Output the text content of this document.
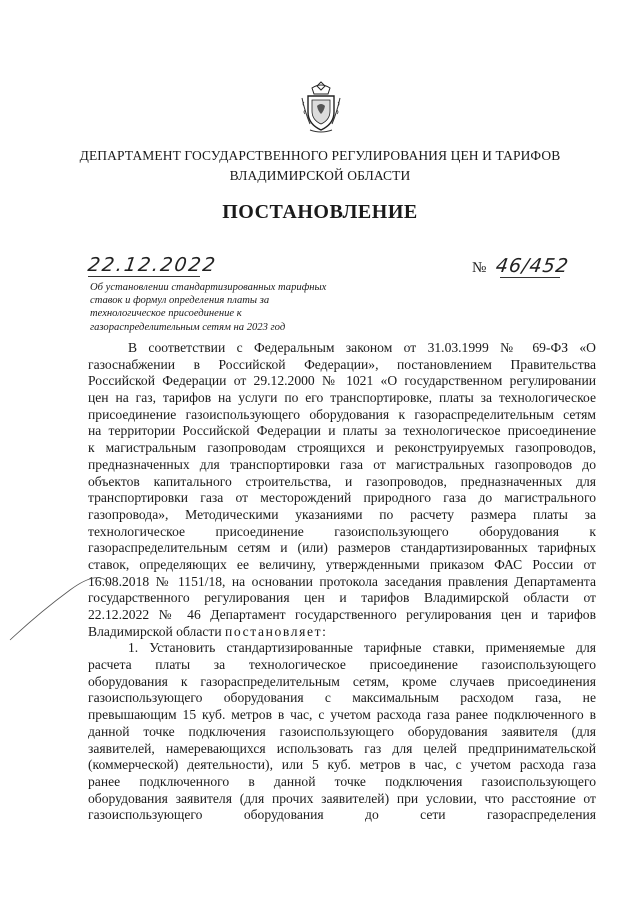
ДЕПАРТАМЕНТ ГОСУДАРСТВЕННОГО РЕГУЛИРОВАНИЯ ЦЕН И ТАРИФОВ
ВЛАДИМИРСКОЙ ОБЛАСТИ
ПОСТАНОВЛЕНИЕ
22.12.2022	№ 46/452
Об установлении стандартизированных тарифных
ставок и формул определения платы за
технологическое присоединение к
газораспределительным сетям на 2023 год
В соответствии с Федеральным законом от 31.03.1999 № 69-ФЗ «О
газоснабжении в Российской Федерации», постановлением Правительства
Российской Федерации от 29.12.2000 № 1021 «О государственном регулировании
цен на газ, тарифов на услуги по его транспортировке, платы за технологическое
присоединение газоиспользующего оборудования к газораспределительным сетям
на территории Российской Федерации и платы за технологическое присоединение
к магистральным газопроводам строящихся и реконструируемых газопроводов,
предназначенных для транспортировки газа от магистральных газопроводов до
объектов капитального строительства, и газопроводов, предназначенных для
транспортировки газа от месторождений природного газа до магистрального
газопровода», Методическими указаниями по расчету размера платы за
технологическое присоединение газоиспользующего оборудования к
газораспределительным сетям и (или) размеров стандартизированных тарифных
ставок, определяющих ее величину, утвержденными приказом ФАС России от
16.08.2018 № 1151/18, на основании протокола заседания правления Департамента
государственного регулирования цен и тарифов Владимирской области от
22.12.2022 № 46 Департамент государственного регулирования цен и тарифов
Владимирской области постановляет:
1. Установить стандартизированные тарифные ставки, применяемые для
расчета платы за технологическое присоединение газоиспользующего
оборудования к газораспределительным сетям, кроме случаев присоединения
газоиспользующего оборудования с максимальным расходом газа, не
превышающим 15 куб. метров в час, с учетом расхода газа ранее подключенного в
данной точке подключения газоиспользующего оборудования заявителя (для
заявителей, намеревающихся использовать газ для целей предпринимательской
(коммерческой) деятельности), или 5 куб. метров в час, с учетом расхода газа
ранее подключенного в данной точке подключения газоиспользующего
оборудования заявителя (для прочих заявителей) при условии, что расстояние от
газоиспользующего оборудования до сети газораспределения
